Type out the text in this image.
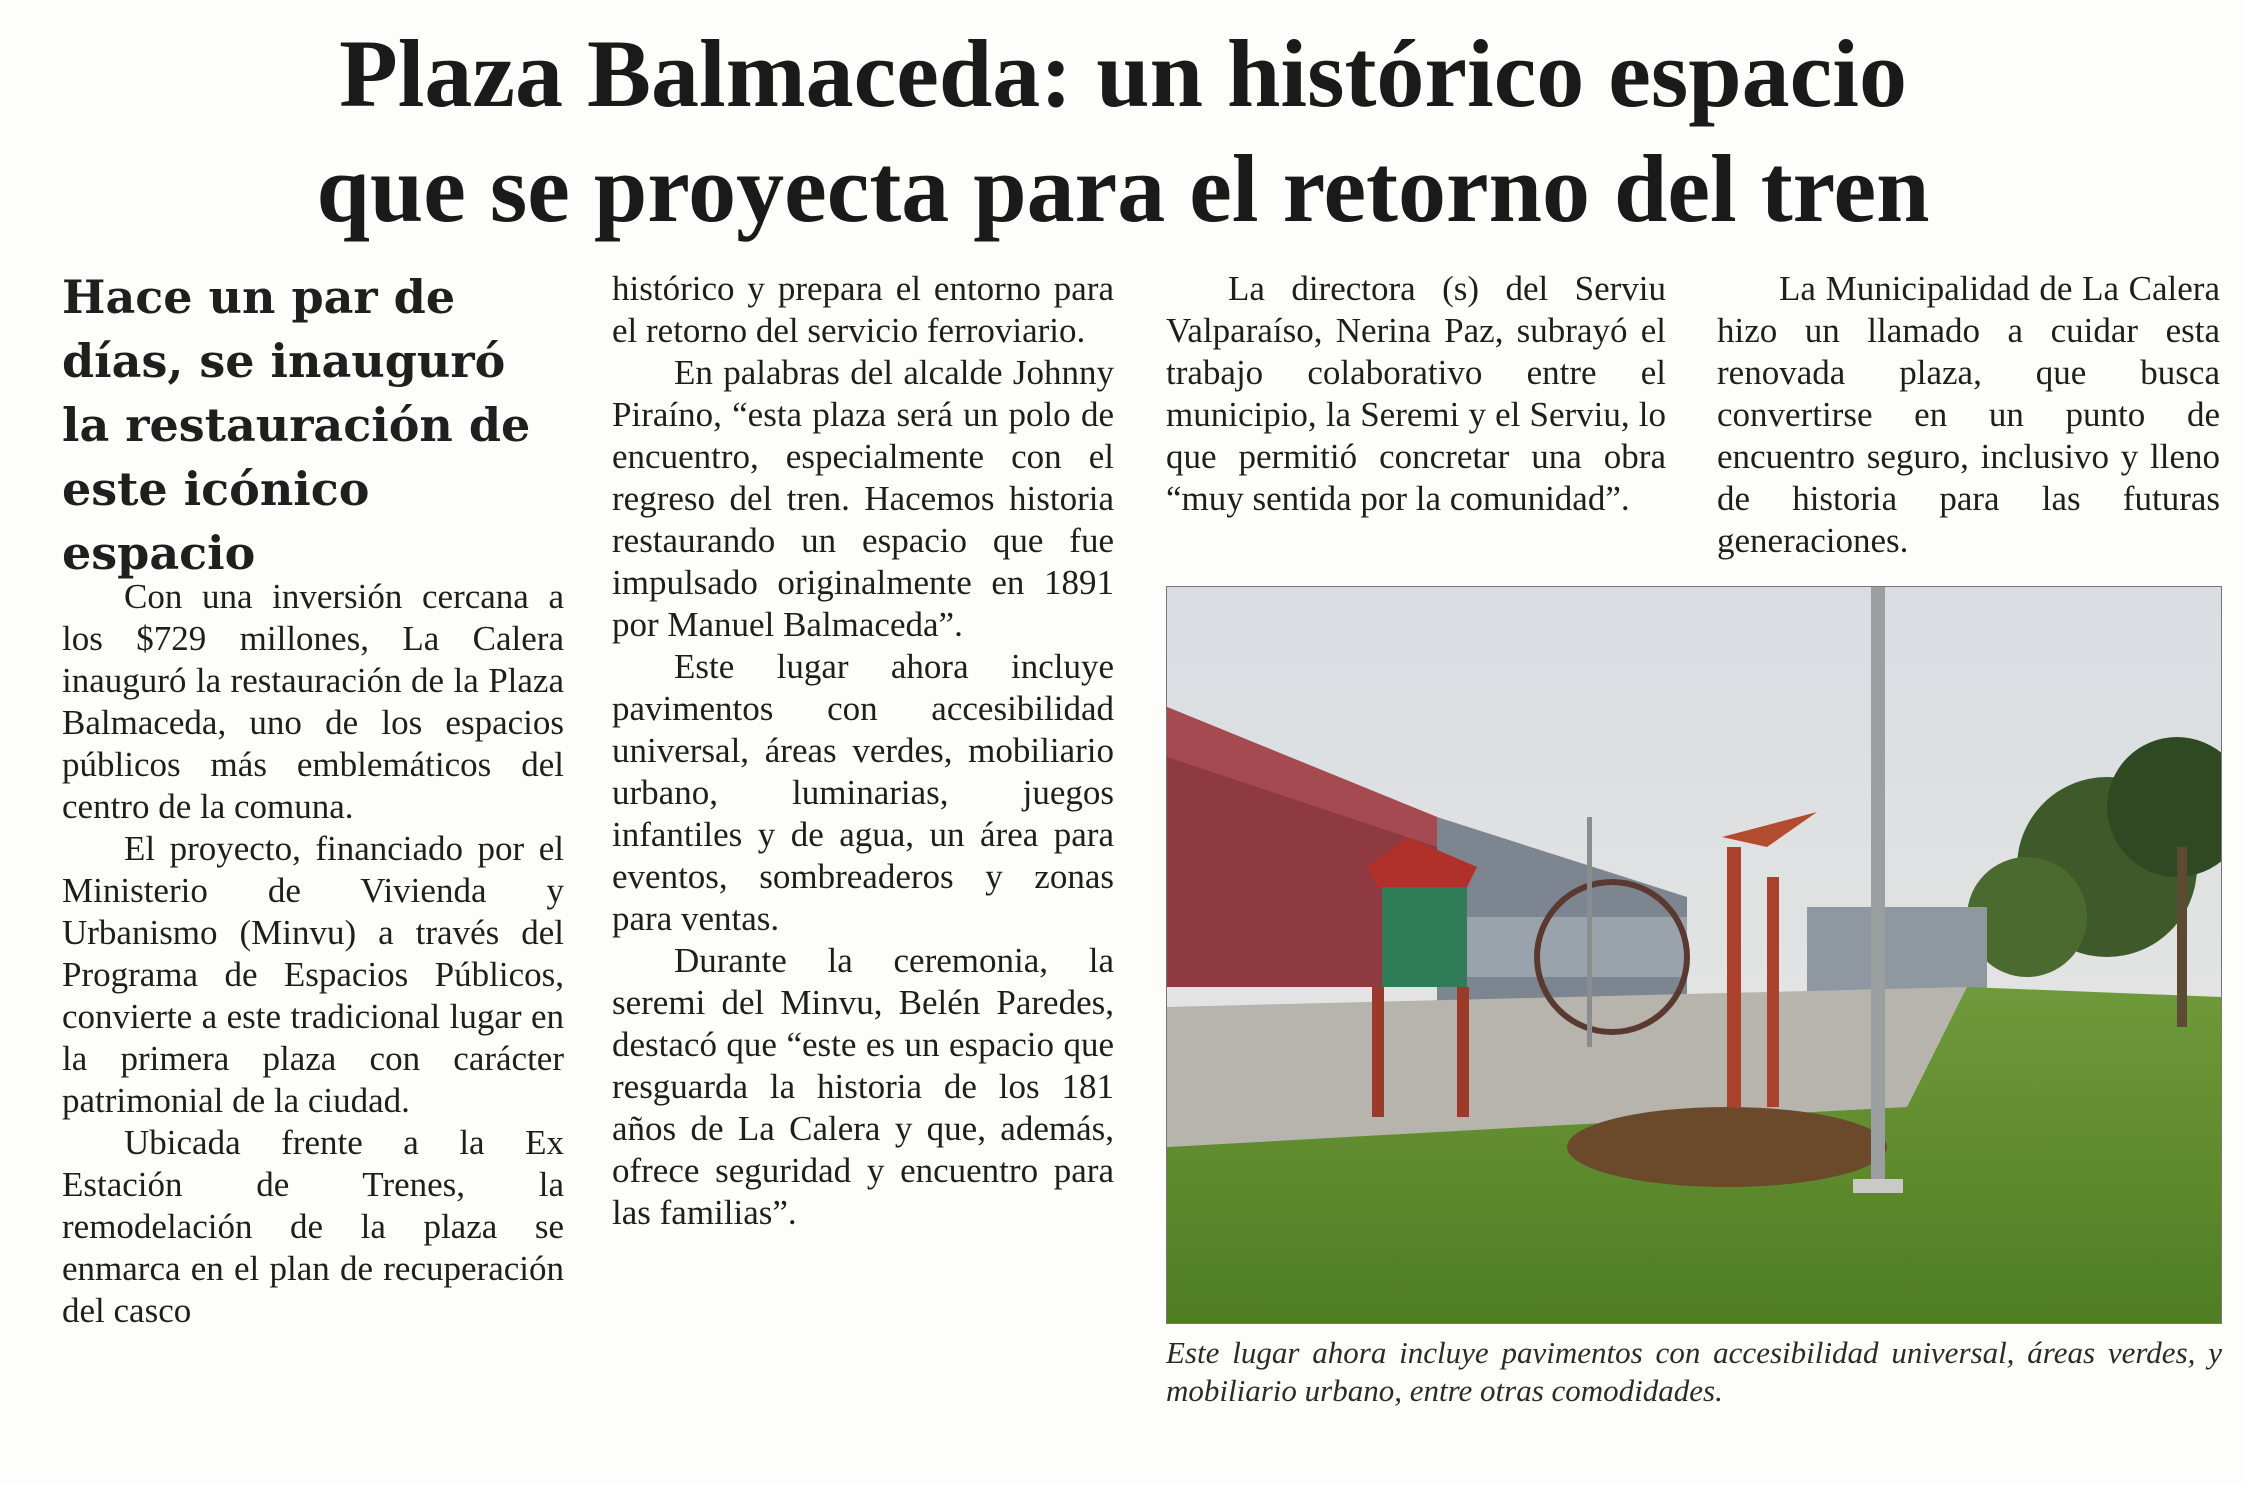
Plaza Balmaceda: un histórico espacio
que se proyecta para el retorno del tren
Hace un par de días, se inauguró la restauración de este icónico espacio

Con una inversión cercana a los $729 millones, La Calera inauguró la restauración de la Plaza Balmaceda, uno de los espacios públicos más emblemáticos del centro de la comuna.

El proyecto, financiado por el Ministerio de Vivienda y Urbanismo (Minvu) a través del Programa de Espacios Públicos, convierte a este tradicional lugar en la primera plaza con carácter patrimonial de la ciudad.

Ubicada frente a la Ex Estación de Trenes, la remodelación de la plaza se enmarca en el plan de recuperación del casco

histórico y prepara el entorno para el retorno del servicio ferroviario.

En palabras del alcalde Johnny Piraíno, “esta plaza será un polo de encuentro, especialmente con el regreso del tren. Hacemos historia restaurando un espacio que fue impulsado originalmente en 1891 por Manuel Balmaceda”.

Este lugar ahora incluye pavimentos con accesibilidad universal, áreas verdes, mobiliario urbano, luminarias, juegos infantiles y de agua, un área para eventos, sombreaderos y zonas para ventas.

Durante la ceremonia, la seremi del Minvu, Belén Paredes, destacó que “este es un espacio que resguarda la historia de los 181 años de La Calera y que, además, ofrece seguridad y encuentro para las familias”.

La directora (s) del Serviu Valparaíso, Nerina Paz, subrayó el trabajo colaborativo entre el municipio, la Seremi y el Serviu, lo que permitió concretar una obra “muy sentida por la comunidad”.

La Municipalidad de La Calera hizo un llamado a cuidar esta renovada plaza, que busca convertirse en un punto de encuentro seguro, inclusivo y lleno de historia para las futuras generaciones.

Este lugar ahora incluye pavimentos con accesibilidad universal, áreas verdes, y mobiliario urbano, entre otras comodidades.
